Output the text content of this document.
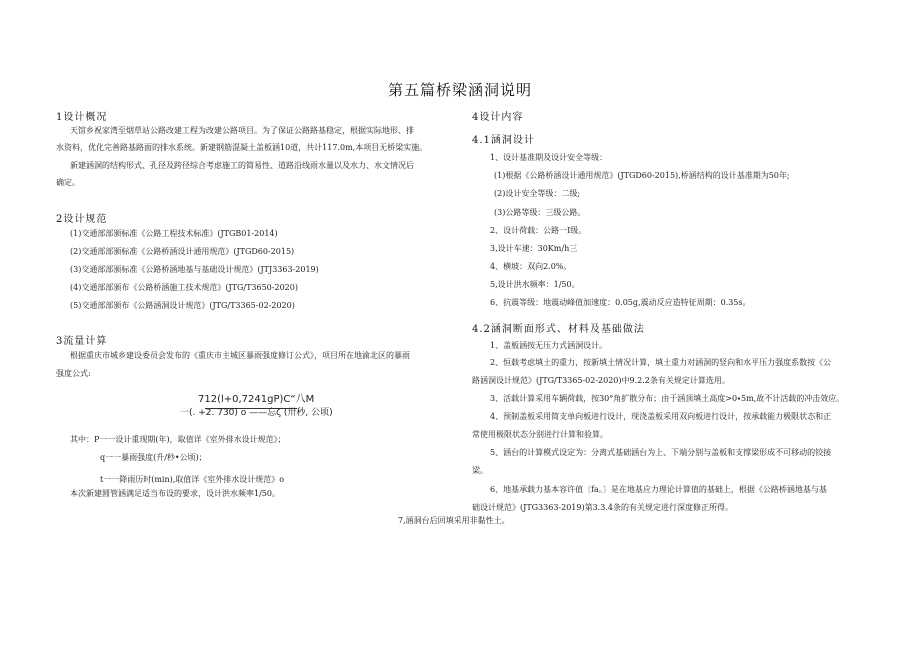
第五篇桥梁涵洞说明
1设计概况
天馆乡祝家湾至烟草站公路改建工程为改建公路项目。为了保证公路路基稳定，根据实际地形、排
水资料，优化完善路基路面的排水系统。新建钢筋混凝土盖板涵10道，共计117.0m,本项目无桥梁实施。
新建涵洞的结构形式、孔径及跨径综合考虑施工的简易性、道路沿线雨水量以及水力、水文情况后
确定。
2设计规范
(1)交通部部颁标准《公路工程技术标准》(JTGB01-2014)
(2)交通部部颁标准《公路桥涵设计通用规范》(JTGD60-2015)
(3)交通部部颁标准《公路桥涵地基与基础设计规范》(JTJ3363-2019)
(4)交通部部颁布《公路桥涵施工技术规范》(JTG/T3650-2020)
(5)交通部部颁布《公路涵洞设计规范》(JTG/T3365-02-2020)
3流量计算
根据重庆市城乡建设委员会发布的《重庆市主城区暴雨强度修订公式》，项目所在地渝北区的暴雨
强度公式:
712(l+0,7241gP)C“八M
一(. +2. 730) o ——忘ζ (卅秒, 公顷)
其中：P一一设计重现期(年)，取值详《室外排水设计规范》；
q一一暴雨强度(升/秒•公顷)；
t一一降雨历时(min),取值详《室外排水设计规范》o
本次新建圆管涵满足适当布设的要求，设计洪水频率1/50。
4设计内容
4.1涵洞设计
1、设计基准期及设计安全等级：
(1)根据《公路桥涵设计通用规范》(JTGD60-2015),桥涵结构的设计基准期为50年;
(2)设计安全等级：二级;
(3)公路等级：三级公路。
2、设计荷载：公路一Ⅰ级。
3,设计车速：30Km/h三
4、横坡：双向2.0%。
5,设计洪水频率：1/50。
6、抗震等级：地震动峰值加速度：0.05g,震动反应造特征周期：0.35s。
4.2涵洞断面形式、材料及基础做法
1、盖板涵按无压力式涵洞设计。
2、恒载考虑填土的重力，按新填土情况计算，填土重力对涵洞的竖向和水平压力强度系数按《公
路涵洞设计规范》(JTG/T3365-02-2020)中9.2.2条有关规定计算选用。
3、活载计算采用车辆荷载，按30°角扩散分布；由于涵顶填土高度>0∙5m,故不计活载的冲击效应。
4、预制盖板采用简支单向板进行设计，现浇盖板采用双向板进行设计，按承载能力极限状态和正
常使用极限状态分别进行计算和验算。
5、涵台的计算模式设定为：分离式基础涵台为上、下端分别与盖板和支撑梁形成不可移动的铰接
梁。
6、地基承载力基本容许值〔fa。〕是在地基应力理论计算值的基础上，根据《公路桥涵地基与基
础设计规范》(JTG3363-2019)第3.3.4条的有关规定进行深度修正所得。
7,涵洞台后回填采用非黏性土。
